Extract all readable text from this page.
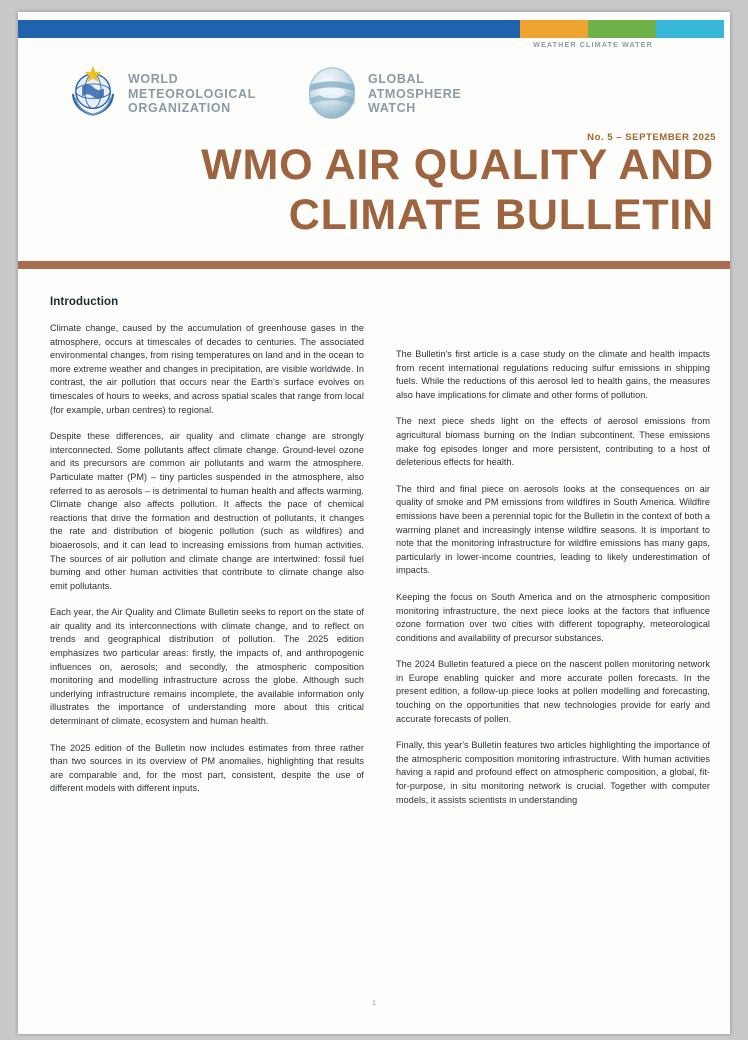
WEATHER CLIMATE WATER
WORLD
METEOROLOGICAL
ORGANIZATION
GLOBAL
ATMOSPHERE
WATCH
No. 5 – SEPTEMBER 2025
WMO AIR QUALITY AND
CLIMATE BULLETIN
Introduction

Climate change, caused by the accumulation of greenhouse gases in the atmosphere, occurs at timescales of decades to centuries. The associated environmental changes, from rising temperatures on land and in the ocean to more extreme weather and changes in precipitation, are visible worldwide. In contrast, the air pollution that occurs near the Earth's surface evolves on timescales of hours to weeks, and across spatial scales that range from local (for example, urban centres) to regional.

Despite these differences, air quality and climate change are strongly interconnected. Some pollutants affect climate change. Ground-level ozone and its precursors are common air pollutants and warm the atmosphere. Particulate matter (PM) – tiny particles suspended in the atmosphere, also referred to as aerosols – is detrimental to human health and affects warming. Climate change also affects pollution. It affects the pace of chemical reactions that drive the formation and destruction of pollutants, it changes the rate and distribution of biogenic pollution (such as wildfires) and bioaerosols, and it can lead to increasing emissions from human activities. The sources of air pollution and climate change are intertwined: fossil fuel burning and other human activities that contribute to climate change also emit pollutants.

Each year, the Air Quality and Climate Bulletin seeks to report on the state of air quality and its interconnections with climate change, and to reflect on trends and geographical distribution of pollution. The 2025 edition emphasizes two particular areas: firstly, the impacts of, and anthropogenic influences on, aerosols; and secondly, the atmospheric composition monitoring and modelling infrastructure across the globe. Although such underlying infrastructure remains incomplete, the available information only illustrates the importance of understanding more about this critical determinant of climate, ecosystem and human health.

The 2025 edition of the Bulletin now includes estimates from three rather than two sources in its overview of PM anomalies, highlighting that results are comparable and, for the most part, consistent, despite the use of different models with different inputs.

The Bulletin's first article is a case study on the climate and health impacts from recent international regulations reducing sulfur emissions in shipping fuels. While the reductions of this aerosol led to health gains, the measures also have implications for climate and other forms of pollution.

The next piece sheds light on the effects of aerosol emissions from agricultural biomass burning on the Indian subcontinent. These emissions make fog episodes longer and more persistent, contributing to a host of deleterious effects for health.

The third and final piece on aerosols looks at the consequences on air quality of smoke and PM emissions from wildfires in South America. Wildfire emissions have been a perennial topic for the Bulletin in the context of both a warming planet and increasingly intense wildfire seasons. It is important to note that the monitoring infrastructure for wildfire emissions has many gaps, particularly in lower-income countries, leading to likely underestimation of impacts.

Keeping the focus on South America and on the atmospheric composition monitoring infrastructure, the next piece looks at the factors that influence ozone formation over two cities with different topography, meteorological conditions and availability of precursor substances.

The 2024 Bulletin featured a piece on the nascent pollen monitoring network in Europe enabling quicker and more accurate pollen forecasts. In the present edition, a follow-up piece looks at pollen modelling and forecasting, touching on the opportunities that new technologies provide for early and accurate forecasts of pollen.

Finally, this year's Bulletin features two articles highlighting the importance of the atmospheric composition monitoring infrastructure. With human activities having a rapid and profound effect on atmospheric composition, a global, fit-for-purpose, in situ monitoring network is crucial. Together with computer models, it assists scientists in understanding

1
